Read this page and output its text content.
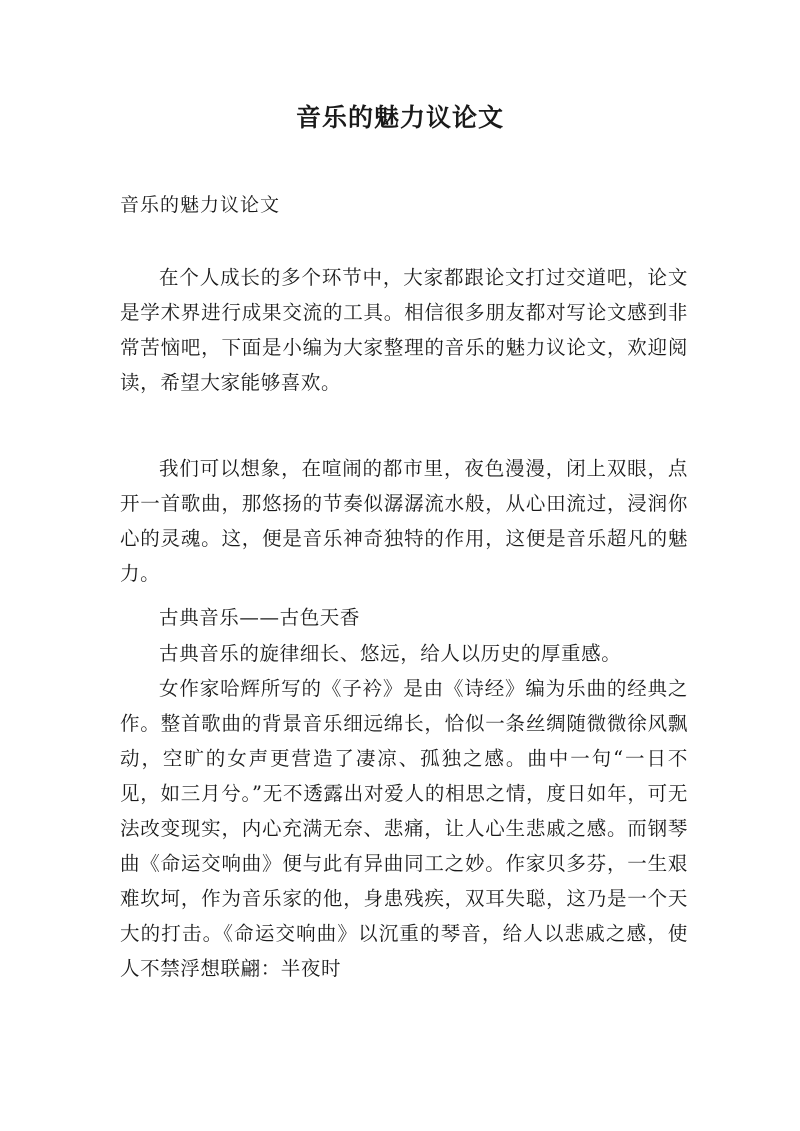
音乐的魅力议论文

音乐的魅力议论文

在个人成长的多个环节中，大家都跟论文打过交道吧，论文是学术界进行成果交流的工具。相信很多朋友都对写论文感到非常苦恼吧，下面是小编为大家整理的音乐的魅力议论文，欢迎阅读，希望大家能够喜欢。

我们可以想象，在喧闹的都市里，夜色漫漫，闭上双眼，点开一首歌曲，那悠扬的节奏似潺潺流水般，从心田流过，浸润你心的灵魂。这，便是音乐神奇独特的作用，这便是音乐超凡的魅力。

古典音乐——古色天香

古典音乐的旋律细长、悠远，给人以历史的厚重感。

女作家哈辉所写的《子衿》是由《诗经》编为乐曲的经典之作。整首歌曲的背景音乐细远绵长，恰似一条丝绸随微微徐风飘动，空旷的女声更营造了凄凉、孤独之感。曲中一句“一日不见，如三月兮。”无不透露出对爱人的相思之情，度日如年，可无法改变现实，内心充满无奈、悲痛，让人心生悲戚之感。而钢琴曲《命运交响曲》便与此有异曲同工之妙。作家贝多芬，一生艰难坎坷，作为音乐家的他，身患残疾，双耳失聪，这乃是一个天大的打击。《命运交响曲》以沉重的琴音，给人以悲戚之感，使人不禁浮想联翩：半夜时
